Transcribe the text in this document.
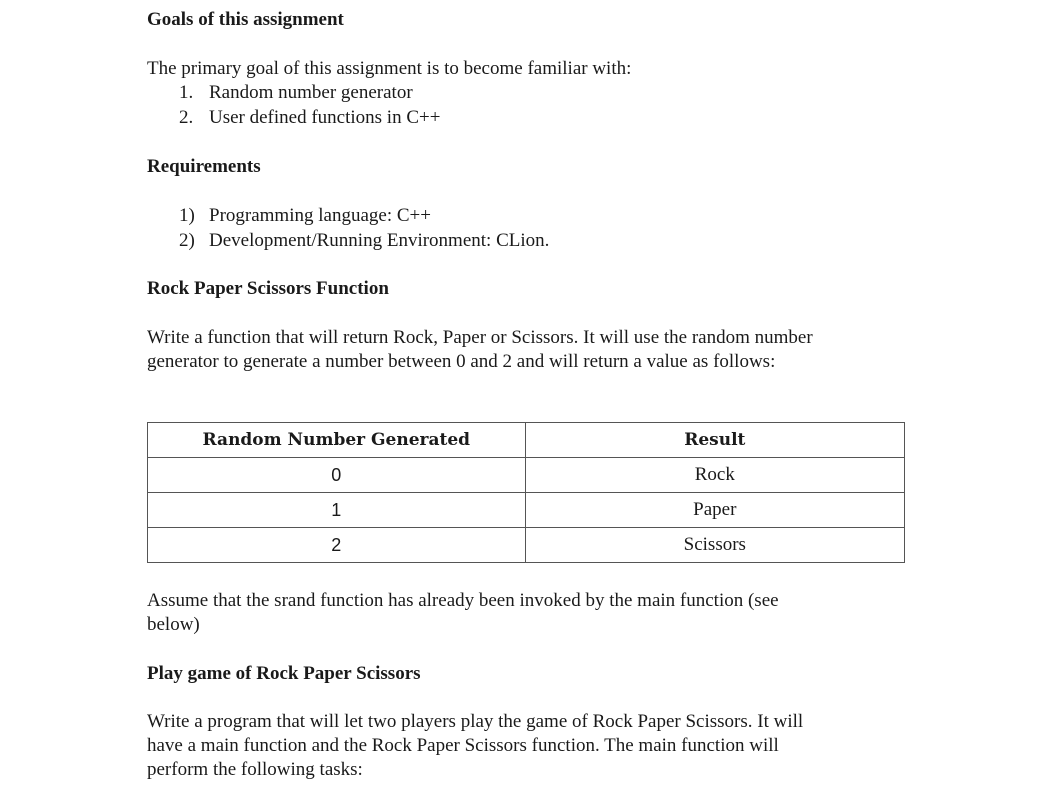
Goals of this assignment
The primary goal of this assignment is to become familiar with:
1. Random number generator
2. User defined functions in C++
Requirements
1) Programming language: C++
2) Development/Running Environment: CLion.
Rock Paper Scissors Function
Write a function that will return Rock, Paper or Scissors. It will use the random number
generator to generate a number between 0 and 2 and will return a value as follows:
Random Number Generated	Result
0	Rock
1	Paper
2	Scissors
Assume that the srand function has already been invoked by the main function (see
below)
Play game of Rock Paper Scissors
Write a program that will let two players play the game of Rock Paper Scissors. It will
have a main function and the Rock Paper Scissors function. The main function will
perform the following tasks:
